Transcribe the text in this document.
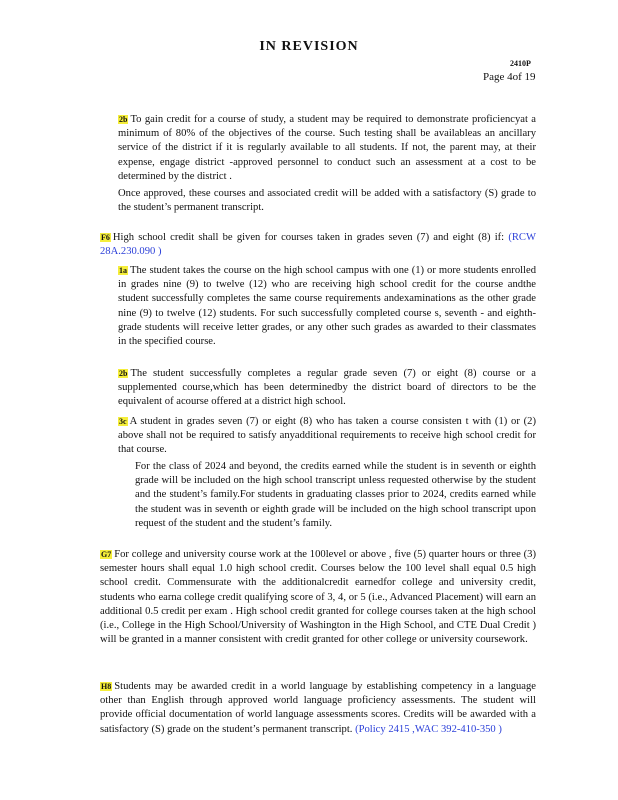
IN REVISION
2410P
Page 4of 19

2b To gain credit for a course of study, a student may be required to demonstrate proficiencyat a minimum of 80% of the objectives of the course. Such testing shall be availableas an ancillary service of the district if it is regularly available to all students. If not, the parent may, at their expense, engage district -approved personnel to conduct such an assessment at a cost to be determined by the district .

Once approved, these courses and associated credit will be added with a satisfactory (S) grade to the student’s permanent transcript.

F6 High school credit shall be given for courses taken in grades seven (7) and eight (8) if: (RCW 28A.230.090 )

1a The student takes the course on the high school campus with one (1) or more students enrolled in grades nine (9) to twelve (12) who are receiving high school credit for the course andthe student successfully completes the same course requirements andexaminations as the other grade nine (9) to twelve (12) students. For such successfully completed course s, seventh - and eighth- grade students will receive letter grades, or any other such grades as awarded to their classmates in the specified course.

2b The student successfully completes a regular grade seven (7) or eight (8) course or a supplemented course,which has been determinedby the district board of directors to be the equivalent of acourse offered at a district high school.

3c A student in grades seven (7) or eight (8) who has taken a course consisten t with (1) or (2) above shall not be required to satisfy anyadditional requirements to receive high school credit for that course.

For the class of 2024 and beyond, the credits earned while the student is in seventh or eighth grade will be included on the high school transcript unless requested otherwise by the student and the student’s family.For students in graduating classes prior to 2024, credits earned while the student was in seventh or eighth grade will be included on the high school transcript upon request of the student and the student’s family.

G7 For college and university course work at the 100level or above , five (5) quarter hours or three (3) semester hours shall equal 1.0 high school credit. Courses below the 100 level shall equal 0.5 high school credit. Commensurate with the additionalcredit earnedfor college and university credit, students who earna college credit qualifying score of 3, 4, or 5 (i.e., Advanced Placement) will earn an additional 0.5 credit per exam . High school credit granted for college courses taken at the high school (i.e., College in the High School/University of Washington in the High School, and CTE Dual Credit ) will be granted in a manner consistent with credit granted for other college or university coursework.

H8 Students may be awarded credit in a world language by establishing competency in a language other than English through approved world language proficiency assessments. The student will provide official documentation of world language assessments scores. Credits will be awarded with a satisfactory (S) grade on the student’s permanent transcript. (Policy 2415 ,WAC 392-410-350 )
